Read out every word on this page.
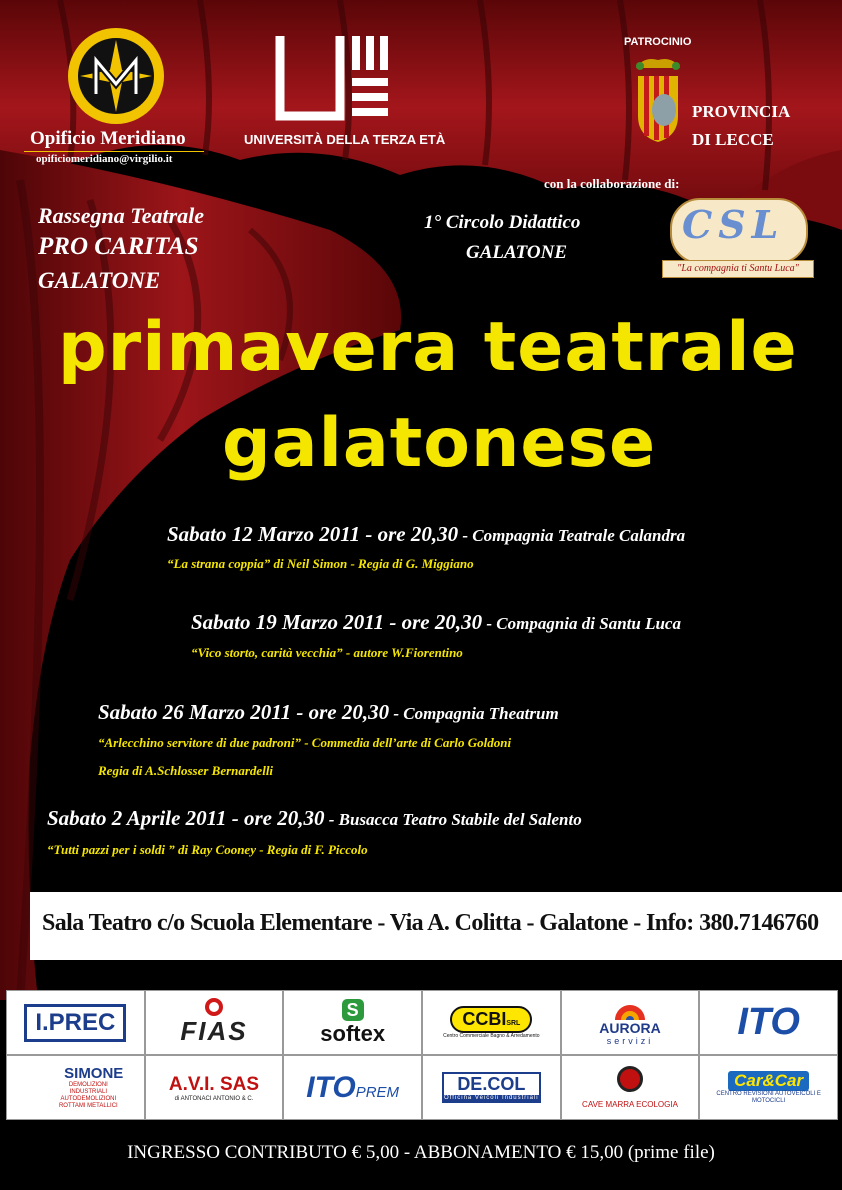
Opificio Meridiano
opificiomeridiano@virgilio.it
UNIVERSITÀ DELLA TERZA ETÀ
PATROCINIO
PROVINCIA
DI LECCE
con la collaborazione di:
CSL
"La compagnia ti Santu Luca"
Rassegna Teatrale
PRO CARITAS
GALATONE
1° Circolo Didattico
GALATONE
primavera teatrale
galatonese
Sabato 12 Marzo 2011 - ore 20,30 - Compagnia Teatrale Calandra
“La strana coppia” di Neil Simon - Regia di G. Miggiano
Sabato 19 Marzo 2011 - ore 20,30 - Compagnia di Santu Luca
“Vico storto, carità vecchia” - autore W.Fiorentino
Sabato 26 Marzo 2011 - ore 20,30 - Compagnia Theatrum
“Arlecchino servitore di due padroni” - Commedia dell’arte di Carlo Goldoni
Regia di A.Schlosser Bernardelli
Sabato 2 Aprile 2011 - ore 20,30 - Busacca Teatro Stabile del Salento
“Tutti pazzi per i soldi ” di Ray Cooney - Regia di F. Piccolo
Sala Teatro c/o Scuola Elementare - Via A. Colitta - Galatone - Info: 380.7146760
I.PREC	FIAS
S
softex
CCBISRL
Centro Commerciale Bagno & Arredamento
AURORA
servizi ITO
SIMONE
DEMOLIZIONI INDUSTRIALI AUTODEMOLIZIONI ROTTAMI METALLICI
A.V.I. SAS
di ANTONACI ANTONIO & C. ITO PREM	DE.COL
Officina Veicoli Industriali
CAVE MARRA ECOLOGIA
Car&Car
CENTRO REVISIONI AUTOVEICOLI E MOTOCICLI
INGRESSO CONTRIBUTO € 5,00 - ABBONAMENTO € 15,00 (prime file)
